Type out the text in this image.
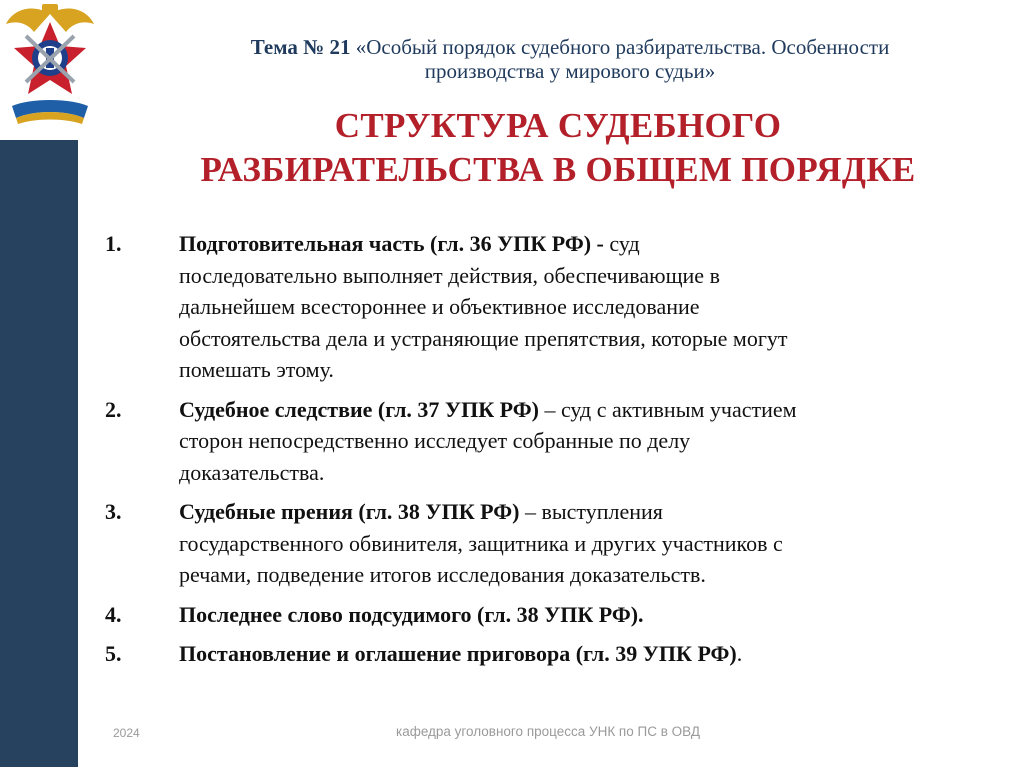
Тема № 21 «Особый порядок судебного разбирательства. Особенности
производства у мирового судьи»
СТРУКТУРА СУДЕБНОГО
РАЗБИРАТЕЛЬСТВА В ОБЩЕМ ПОРЯДКЕ
1.	Подготовительная часть (гл. 36 УПК РФ) - суд
последовательно выполняет действия, обеспечивающие в
дальнейшем всестороннее и объективное исследование
обстоятельства дела и устраняющие препятствия, которые могут
помешать этому.
2.	Судебное следствие (гл. 37 УПК РФ) – суд с активным участием
сторон непосредственно исследует собранные по делу
доказательства.
3.	Судебные прения (гл. 38 УПК РФ) – выступления
государственного обвинителя, защитника и других участников с
речами, подведение итогов исследования доказательств.
4.	Последнее слово подсудимого (гл. 38 УПК РФ).
5.	Постановление и оглашение приговора (гл. 39 УПК РФ).
2024	кафедра уголовного процесса УНК по ПС в ОВД
